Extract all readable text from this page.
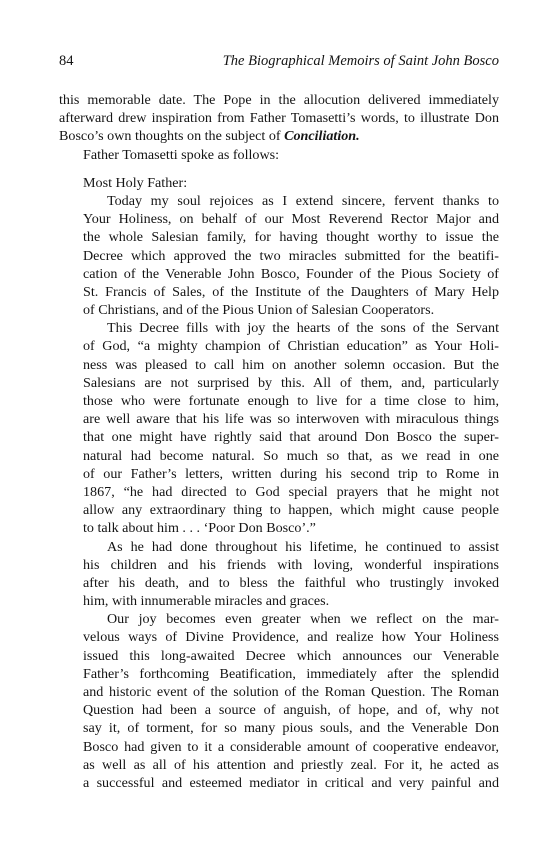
84	The Biographical Memoirs of Saint John Bosco
this memorable date. The Pope in the allocution delivered immediately
afterward drew inspiration from Father Tomasetti’s words, to illustrate Don
Bosco’s own thoughts on the subject of Conciliation.
Father Tomasetti spoke as follows:
Most Holy Father:
Today my soul rejoices as I extend sincere, fervent thanks to
Your Holiness, on behalf of our Most Reverend Rector Major and
the whole Salesian family, for having thought worthy to issue the
Decree which approved the two miracles submitted for the beatifi-
cation of the Venerable John Bosco, Founder of the Pious Society of
St. Francis of Sales, of the Institute of the Daughters of Mary Help
of Christians, and of the Pious Union of Salesian Cooperators.
This Decree fills with joy the hearts of the sons of the Servant
of God, “a mighty champion of Christian education” as Your Holi-
ness was pleased to call him on another solemn occasion. But the
Salesians are not surprised by this. All of them, and, particularly
those who were fortunate enough to live for a time close to him,
are well aware that his life was so interwoven with miraculous things
that one might have rightly said that around Don Bosco the super-
natural had become natural. So much so that, as we read in one
of our Father’s letters, written during his second trip to Rome in
1867, “he had directed to God special prayers that he might not
allow any extraordinary thing to happen, which might cause people
to talk about him . . . ‘Poor Don Bosco’.”
As he had done throughout his lifetime, he continued to assist
his children and his friends with loving, wonderful inspirations
after his death, and to bless the faithful who trustingly invoked
him, with innumerable miracles and graces.
Our joy becomes even greater when we reflect on the mar-
velous ways of Divine Providence, and realize how Your Holiness
issued this long-awaited Decree which announces our Venerable
Father’s forthcoming Beatification, immediately after the splendid
and historic event of the solution of the Roman Question. The Roman
Question had been a source of anguish, of hope, and of, why not
say it, of torment, for so many pious souls, and the Venerable Don
Bosco had given to it a considerable amount of cooperative endeavor,
as well as all of his attention and priestly zeal. For it, he acted as
a successful and esteemed mediator in critical and very painful and
